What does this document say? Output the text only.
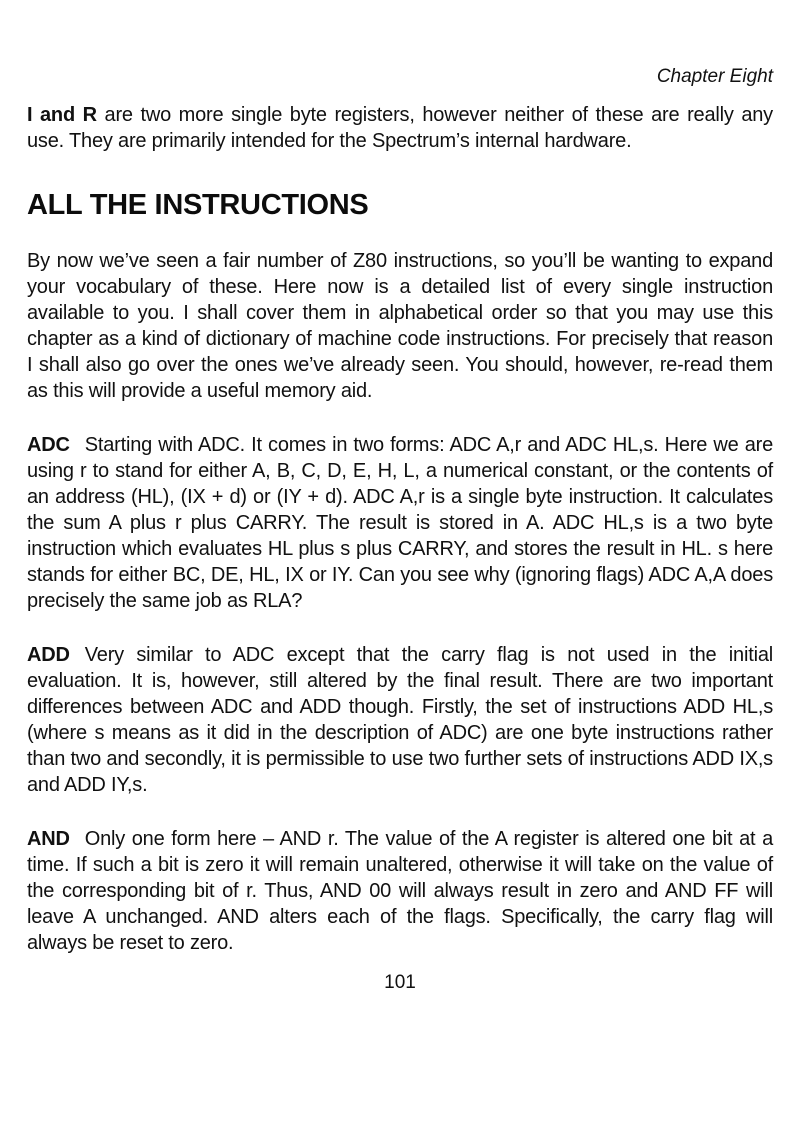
Chapter Eight

I and R are two more single byte registers, however neither of these are really any use. They are primarily intended for the Spectrum’s internal hardware.

ALL THE INSTRUCTIONS

By now we’ve seen a fair number of Z80 instructions, so you’ll be wanting to expand your vocabulary of these. Here now is a detailed list of every single instruction available to you. I shall cover them in alphabetical order so that you may use this chapter as a kind of dictionary of machine code instructions. For precisely that reason I shall also go over the ones we’ve already seen. You should, however, re-read them as this will provide a useful memory aid.

ADC Starting with ADC. It comes in two forms: ADC A,r and ADC HL,s. Here we are using r to stand for either A, B, C, D, E, H, L, a numerical constant, or the contents of an address (HL), (IX + d) or (IY + d). ADC A,r is a single byte instruction. It calculates the sum A plus r plus CARRY. The result is stored in A. ADC HL,s is a two byte instruction which evaluates HL plus s plus CARRY, and stores the result in HL. s here stands for either BC, DE, HL, IX or IY. Can you see why (ignoring flags) ADC A,A does precisely the same job as RLA?

ADD Very similar to ADC except that the carry flag is not used in the initial evaluation. It is, however, still altered by the final result. There are two important differences between ADC and ADD though. Firstly, the set of instructions ADD HL,s (where s means as it did in the description of ADC) are one byte instructions rather than two and secondly, it is permissible to use two further sets of instructions ADD IX,s and ADD IY,s.

AND Only one form here – AND r. The value of the A register is altered one bit at a time. If such a bit is zero it will remain unaltered, otherwise it will take on the value of the corresponding bit of r. Thus, AND 00 will always result in zero and AND FF will leave A unchanged. AND alters each of the flags. Specifically, the carry flag will always be reset to zero.

101
